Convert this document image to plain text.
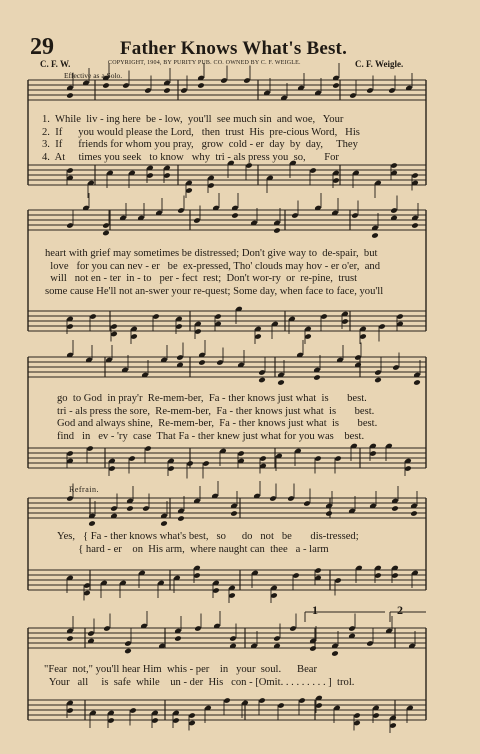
29	Father Knows What's Best.
C. F. W.	COPYRIGHT, 1904, BY PURITY PUB. CO. OWNED BY C. F. WEIGLE.	C. F. Weigle.
Effective as a Solo.
1.  While  liv - ing here  be - low,  you'll  see much sin  and woe,   Your
2.  If      you would please the Lord,   then  trust  His  pre-cious Word,   His
3.  If      friends for whom you pray,   grow  cold - er  day  by  day,     They
4.  At     times you seek   to know   why  tri - als press you  so,       For
heart with grief may sometimes be distressed; Don't give way to  de-spair,  but
love   for you can nev - er   be  ex-pressed, Tho' clouds may hov - er o'er,  and
will   not en - ter  in - to   per - fect  rest;  Don't wor-ry  or  re-pine,  trust
some cause He'll not an-swer your re-quest; Some day, when face to face, you'll
go  to God  in pray'r  Re-mem-ber,  Fa - ther knows just what  is       best.
tri - als press the sore,  Re-mem-ber,  Fa - ther knows just what  is       best.
God and always shine,  Re-mem-ber,  Fa - ther knows just what  is       best.
find   in   ev - 'ry  case  That Fa - ther knew just what for you was    best.
Refrain.
Yes,   { Fa - ther knows what's best,   so      do   not   be       dis-tressed;
{ hard - er    on  His arm,  where naught can  thee   a - larm
"Fear  not," you'll hear Him  whis - per    in   your  soul.      Bear
Your   all     is  safe  while    un - der  His   con - [Omit. . . . . . . . . ]  trol.
1	2
